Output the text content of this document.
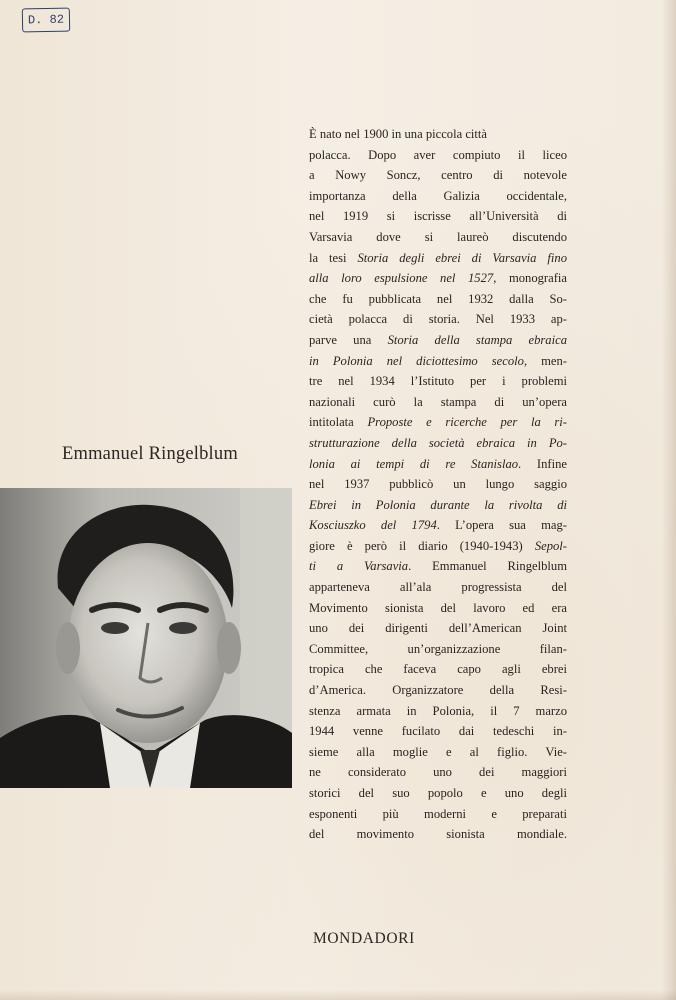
D. 82
Emmanuel Ringelblum
È nato nel 1900 in una piccola città
polacca. Dopo aver compiuto il liceo
a Nowy Soncz, centro di notevole
importanza della Galizia occidentale,
nel 1919 si iscrisse all’Università di
Varsavia dove si laureò discutendo
la tesi Storia degli ebrei di Varsavia fino
alla loro espulsione nel 1527, monografia
che fu pubblicata nel 1932 dalla So-
cietà polacca di storia. Nel 1933 ap-
parve una Storia della stampa ebraica
in Polonia nel diciottesimo secolo, men-
tre nel 1934 l’Istituto per i problemi
nazionali curò la stampa di un’opera
intitolata Proposte e ricerche per la ri-
strutturazione della società ebraica in Po-
lonia ai tempi di re Stanislao. Infine
nel 1937 pubblicò un lungo saggio
Ebrei in Polonia durante la rivolta di
Kosciuszko del 1794. L’opera sua mag-
giore è però il diario (1940-1943) Sepol-
ti a Varsavia. Emmanuel Ringelblum
apparteneva all’ala progressista del
Movimento sionista del lavoro ed era
uno dei dirigenti dell’American Joint
Committee, un’organizzazione filan-
tropica che faceva capo agli ebrei
d’America. Organizzatore della Resi-
stenza armata in Polonia, il 7 marzo
1944 venne fucilato dai tedeschi in-
sieme alla moglie e al figlio. Vie-
ne considerato uno dei maggiori
storici del suo popolo e uno degli
esponenti più moderni e preparati
del movimento sionista mondiale.
MONDADORI
